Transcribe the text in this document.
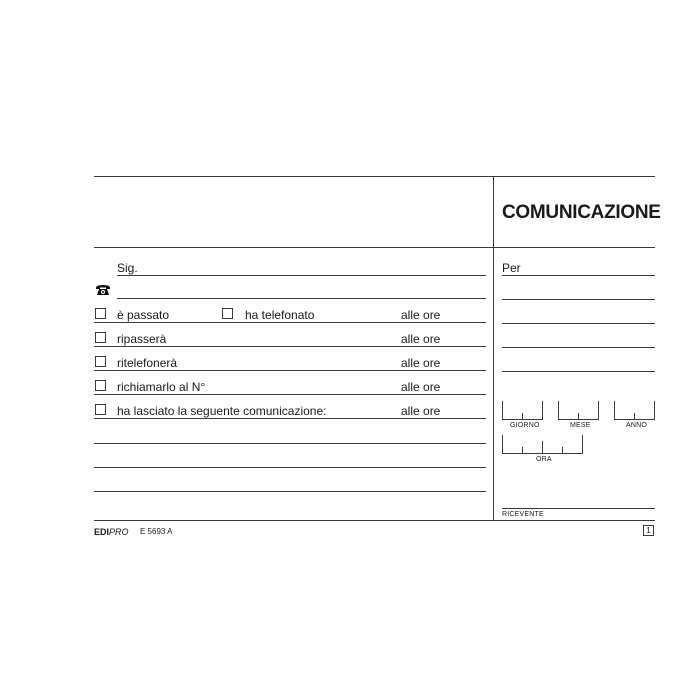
COMUNICAZIONE
Sig.
è passato	ha telefonato	alle ore
ripasserà	alle ore
ritelefonerà	alle ore
richiamarlo al N°	alle ore
ha lasciato la seguente comunicazione:	alle ore
Per
GIORNO	MESE	ANNO
ORA
RICEVENTE
EDIPRO E 5693 A	1
